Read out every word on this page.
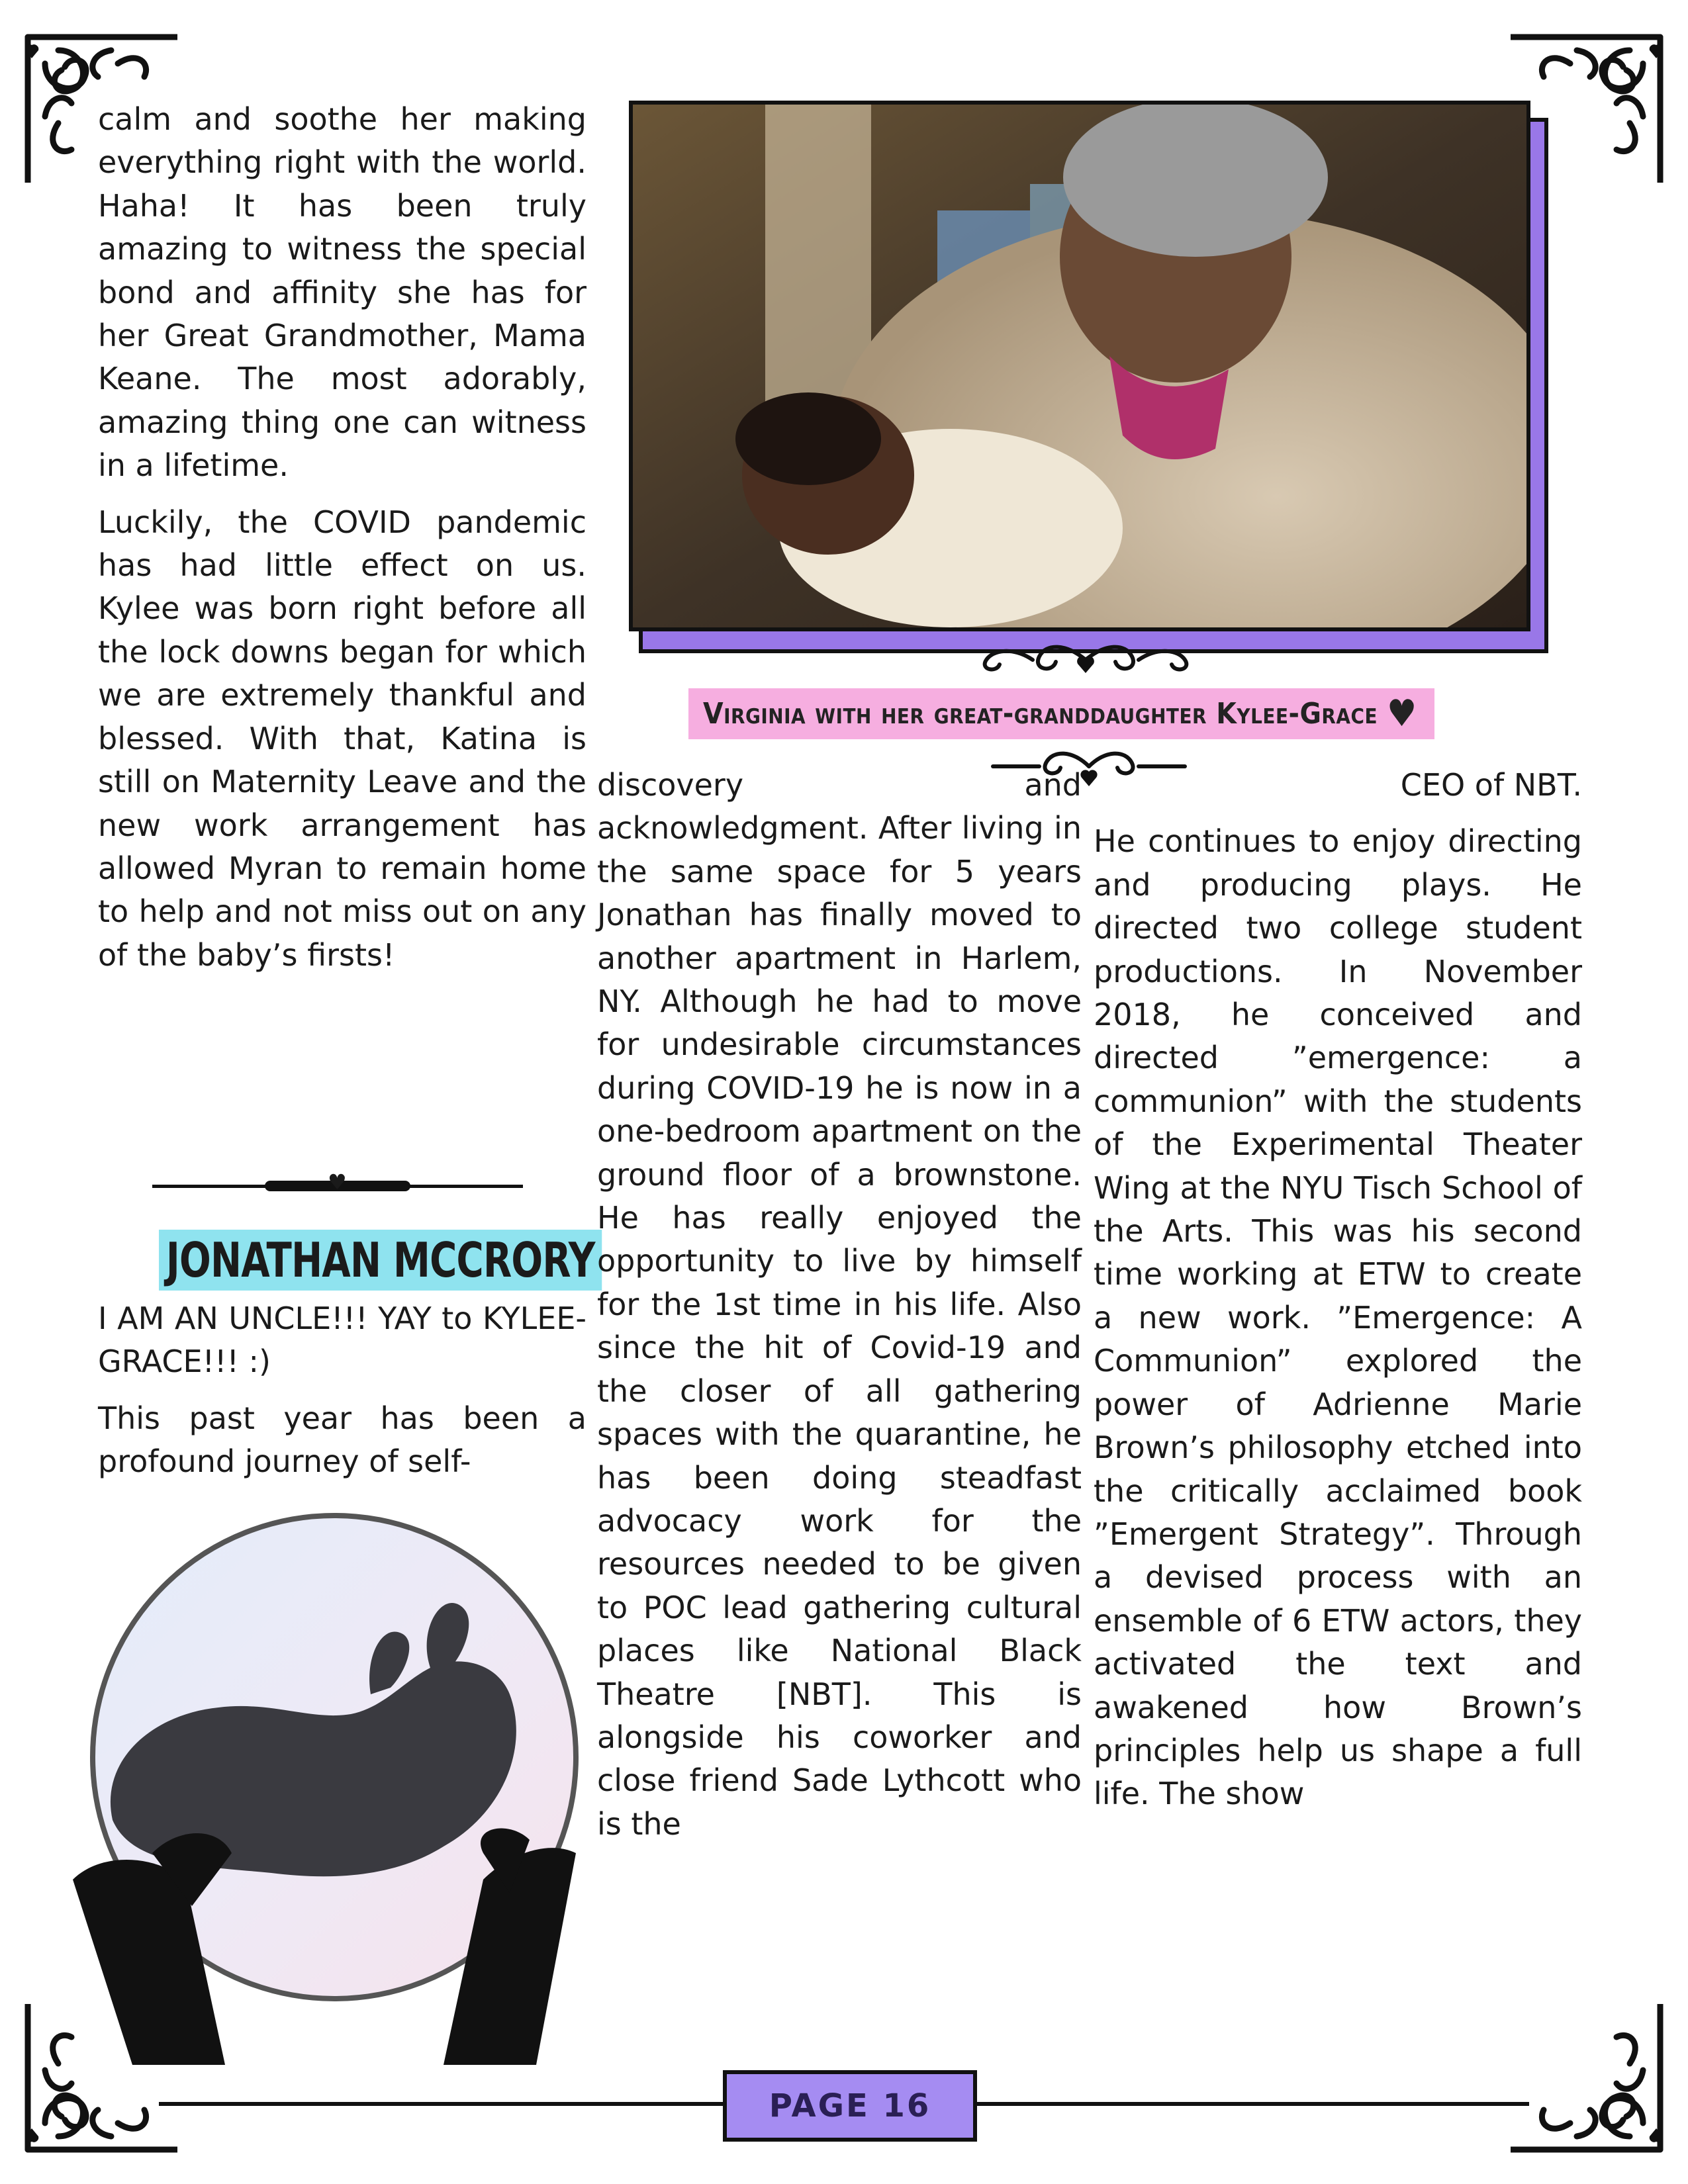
calm and soothe her making everything right with the world. Haha! It has been truly amazing to witness the special bond and affinity she has for her Great Grandmother, Mama Keane. The most adorably, amazing thing one can witness in a lifetime.

Luckily, the COVID pandemic has had little effect on us. Kylee was born right before all the lock downs began for which we are extremely thankful and blessed. With that, Katina is still on Maternity Leave and the new work arrangement has allowed Myran to remain home to help and not miss out on any of the baby’s firsts!

♥
JONATHAN MCCRORY

I AM AN UNCLE!!! YAY to KYLEE-GRACE!!! :)

This past year has been a profound journey of self-

Virginia with her great-granddaughter Kylee-Grace ♥

discovery and acknowledgment. After living in the same space for 5 years Jonathan has finally moved to another apartment in Harlem, NY. Although he had to move for undesirable circumstances during COVID-19 he is now in a one-bedroom apartment on the ground floor of a brownstone. He has really enjoyed the opportunity to live by himself for the 1st time in his life. Also since the hit of Covid-19 and the closer of all gathering spaces with the quarantine, he has been doing steadfast advocacy work for the resources needed to be given to POC lead gathering cultural places like National Black Theatre [NBT]. This is alongside his coworker and close friend Sade Lythcott who is the

CEO of NBT.

He continues to enjoy directing and producing plays. He directed two college student productions. In November 2018, he conceived and directed ”emergence: a communion” with the students of the Experimental Theater Wing at the NYU Tisch School of the Arts. This was his second time working at ETW to create a new work. ”Emergence: A Communion” explored the power of Adrienne Marie Brown’s philosophy etched into the critically acclaimed book ”Emergent Strategy”. Through a devised process with an ensemble of 6 ETW actors, they activated the text and awakened how Brown’s principles help us shape a full life. The show

PAGE 16
